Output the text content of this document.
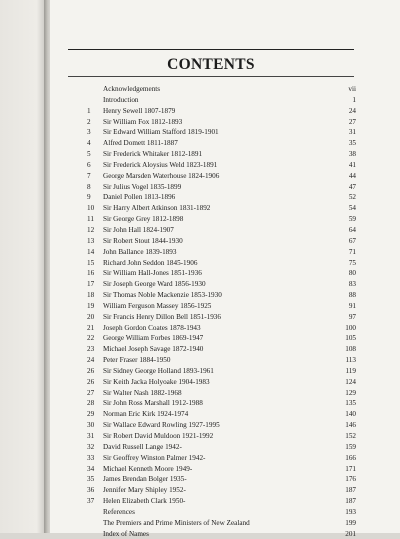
CONTENTS
Acknowledgements	vii
Introduction	1
1 Henry Sewell 1807-1879	24
2 Sir William Fox 1812-1893	27
3 Sir Edward William Stafford 1819-1901	31
4 Alfred Domett 1811-1887	35
5 Sir Frederick Whitaker 1812-1891	38
6 Sir Frederick Aloysius Weld 1823-1891	41
7 George Marsden Waterhouse 1824-1906	44
8 Sir Julius Vogel 1835-1899	47
9 Daniel Pollen 1813-1896	52
10 Sir Harry Albert Atkinson 1831-1892	54
11 Sir George Grey 1812-1898	59
12 Sir John Hall 1824-1907	64
13 Sir Robert Stout 1844-1930	67
14 John Ballance 1839-1893	71
15 Richard John Seddon 1845-1906	75
16 Sir William Hall-Jones 1851-1936	80
17 Sir Joseph George Ward 1856-1930	83
18 Sir Thomas Noble Mackenzie 1853-1930	88
19 William Ferguson Massey 1856-1925	91
20 Sir Francis Henry Dillon Bell 1851-1936	97
21 Joseph Gordon Coates 1878-1943	100
22 George William Forbes 1869-1947	105
23 Michael Joseph Savage 1872-1940	108
24 Peter Fraser 1884-1950	113
26 Sir Sidney George Holland 1893-1961	119
26 Sir Keith Jacka Holyoake 1904-1983	124
27 Sir Walter Nash 1882-1968	129
28 Sir John Ross Marshall 1912-1988	135
29 Norman Eric Kirk 1924-1974	140
30 Sir Wallace Edward Rowling 1927-1995	146
31 Sir Robert David Muldoon 1921-1992	152
32 David Russell Lange 1942-	159
33 Sir Geoffrey Winston Palmer 1942-	166
34 Michael Kenneth Moore 1949-	171
35 James Brendan Bolger 1935-	176
36 Jennifer Mary Shipley 1952-	187
37 Helen Elizabeth Clark 1950-	187
References	193
The Premiers and Prime Ministers of New Zealand	199
Index of Names	201
